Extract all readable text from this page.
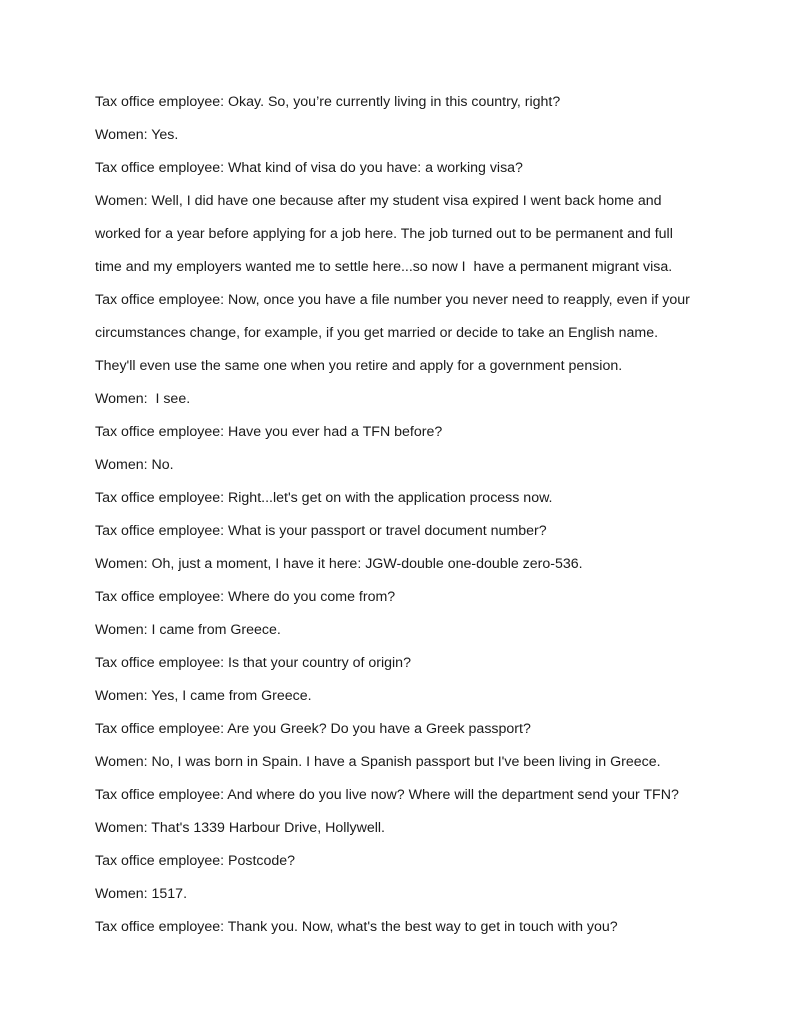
Tax office employee: Okay. So, you’re currently living in this country, right?
Women: Yes.
Tax office employee: What kind of visa do you have: a working visa?
Women: Well, I did have one because after my student visa expired I went back home and
worked for a year before applying for a job here. The job turned out to be permanent and full
time and my employers wanted me to settle here...so now I  have a permanent migrant visa.
Tax office employee: Now, once you have a file number you never need to reapply, even if your
circumstances change, for example, if you get married or decide to take an English name.
They'll even use the same one when you retire and apply for a government pension.
Women:  I see.
Tax office employee: Have you ever had a TFN before?
Women: No.
Tax office employee: Right...let's get on with the application process now.
Tax office employee: What is your passport or travel document number?
Women: Oh, just a moment, I have it here: JGW-double one-double zero-536.
Tax office employee: Where do you come from?
Women: I came from Greece.
Tax office employee: Is that your country of origin?
Women: Yes, I came from Greece.
Tax office employee: Are you Greek? Do you have a Greek passport?
Women: No, I was born in Spain. I have a Spanish passport but I've been living in Greece.
Tax office employee: And where do you live now? Where will the department send your TFN?
Women: That's 1339 Harbour Drive, Hollywell.
Tax office employee: Postcode?
Women: 1517.
Tax office employee: Thank you. Now, what's the best way to get in touch with you?
